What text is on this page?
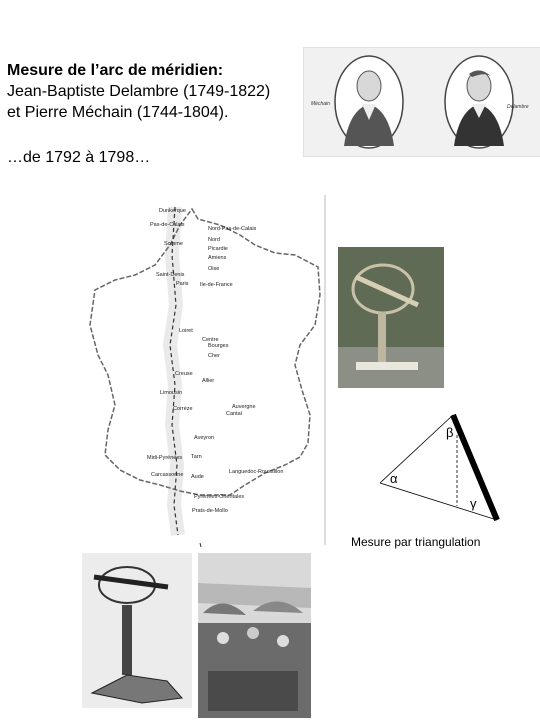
Mesure de l’arc de méridien:
Jean-Baptiste Delambre (1749-1822)
et Pierre Méchain (1744-1804).
…de 1792 à 1798…
Méchain	Delambre
Dunkerque
Pas-de-Calais
Nord-Pas-de-Calais
Nord
Somme
Picardie
Amiens
Oise
Saint-Denis
Paris Ile-de-France
Loiret
Bourges
Centre
Cher
Allier
Creuse
Limousin
Auvergne
Corrèze
Cantal
Aveyron
Midi-Pyrénées Tarn
Languedoc-Roussillon
Carcassonne Aude
Pyrénées-Orientales
Prats-de-Mollo
β
α
γ
Mesure par triangulation
